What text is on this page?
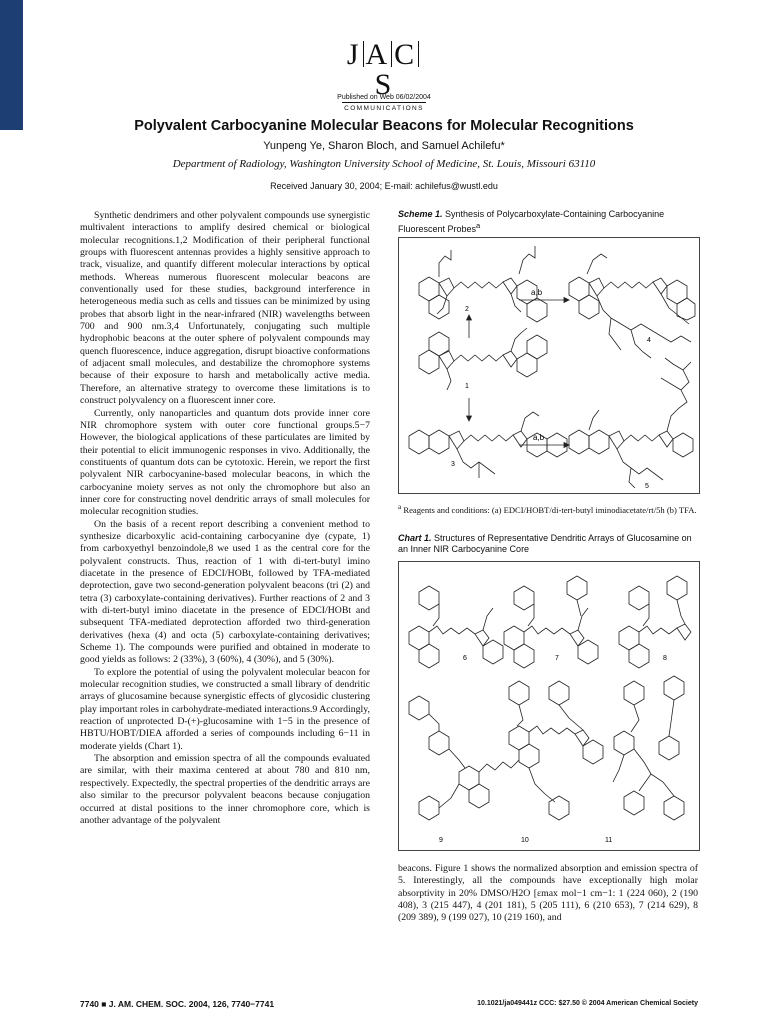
J A CS
COMMUNICATIONS
Published on Web 06/02/2004
Polyvalent Carbocyanine Molecular Beacons for Molecular Recognitions
Yunpeng Ye, Sharon Bloch, and Samuel Achilefu*
Department of Radiology, Washington University School of Medicine, St. Louis, Missouri 63110
Received January 30, 2004; E-mail: achilefus@wustl.edu

Synthetic dendrimers and other polyvalent compounds use synergistic multivalent interactions to amplify desired chemical or biological molecular recognitions.1,2 Modification of their peripheral functional groups with fluorescent antennas provides a highly sensitive approach to track, visualize, and quantify different molecular interactions by optical methods. Whereas numerous fluorescent molecular beacons are conventionally used for these studies, background interference in heterogeneous media such as cells and tissues can be minimized by using probes that absorb light in the near-infrared (NIR) wavelengths between 700 and 900 nm.3,4 Unfortunately, conjugating such multiple hydrophobic beacons at the outer sphere of polyvalent compounds may quench fluorescence, induce aggregation, disrupt bioactive conformations of adjacent small molecules, and destabilize the chromophore systems because of their exposure to harsh and metabolically active media. Therefore, an alternative strategy to overcome these limitations is to construct polyvalency on a fluorescent inner core.

Currently, only nanoparticles and quantum dots provide inner core NIR chromophore system with outer core functional groups.5−7 However, the biological applications of these particulates are limited by their potential to elicit immunogenic responses in vivo. Additionally, the constituents of quantum dots can be cytotoxic. Herein, we report the first polyvalent NIR carbocyanine-based molecular beacons, in which the carbocyanine moiety serves as not only the chromophore but also an inner core for constructing novel dendritic arrays of small molecules for molecular recognition studies.

On the basis of a recent report describing a convenient method to synthesize dicarboxylic acid-containing carbocyanine dye (cypate, 1) from carboxyethyl benzoindole,8 we used 1 as the central core for the polyvalent constructs. Thus, reaction of 1 with di-tert-butyl imino diacetate in the presence of EDCI/HOBt, followed by TFA-mediated deprotection, gave two second-generation polyvalent beacons (tri (2) and tetra (3) carboxylate-containing derivatives). Further reactions of 2 and 3 with di-tert-butyl imino diacetate in the presence of EDCI/HOBt and subsequent TFA-mediated deprotection afforded two third-generation derivatives (hexa (4) and octa (5) carboxylate-containing derivatives; Scheme 1). The compounds were purified and obtained in moderate to good yields as follows: 2 (33%), 3 (60%), 4 (30%), and 5 (30%).

To explore the potential of using the polyvalent molecular beacon for molecular recognition studies, we constructed a small library of dendritic arrays of glucosamine because synergistic effects of glycosidic clustering play important roles in carbohydrate-mediated interactions.9 Accordingly, reaction of unprotected D-(+)-glucosamine with 1−5 in the presence of HBTU/HOBT/DIEA afforded a series of compounds including 6−11 in moderate yields (Chart 1).

The absorption and emission spectra of all the compounds evaluated are similar, with their maxima centered at about 780 and 810 nm, respectively. Expectedly, the spectral properties of the dendritic arrays are also similar to the precursor polyvalent beacons because conjugation occurred at distal positions to the inner chromophore core, which is another advantage of the polyvalent

Scheme 1. Synthesis of Polycarboxylate-Containing Carbocyanine Fluorescent Probes$^a$
a,b
a,b
2
4
1
3
5
$^a$ Reagents and conditions: (a) EDCI/HOBT/di-tert-butyl iminodiacetate/rt/5h (b) TFA.
Chart 1. Structures of Representative Dendritic Arrays of Glucosamine on an Inner NIR Carbocyanine Core
6	7	8
9	10	11
beacons. Figure 1 shows the normalized absorption and emission spectra of 5. Interestingly, all the compounds have exceptionally high molar absorptivity in 20% DMSO/H2O [εmax mol−1 cm−1: 1 (224 060), 2 (190 408), 3 (215 447), 4 (201 181), 5 (205 111), 6 (210 653), 7 (214 629), 8 (209 389), 9 (199 027), 10 (219 160), and
7740 ■ J. AM. CHEM. SOC. 2004, 126, 7740−7741	10.1021/ja049441z CCC: $27.50 © 2004 American Chemical Society
